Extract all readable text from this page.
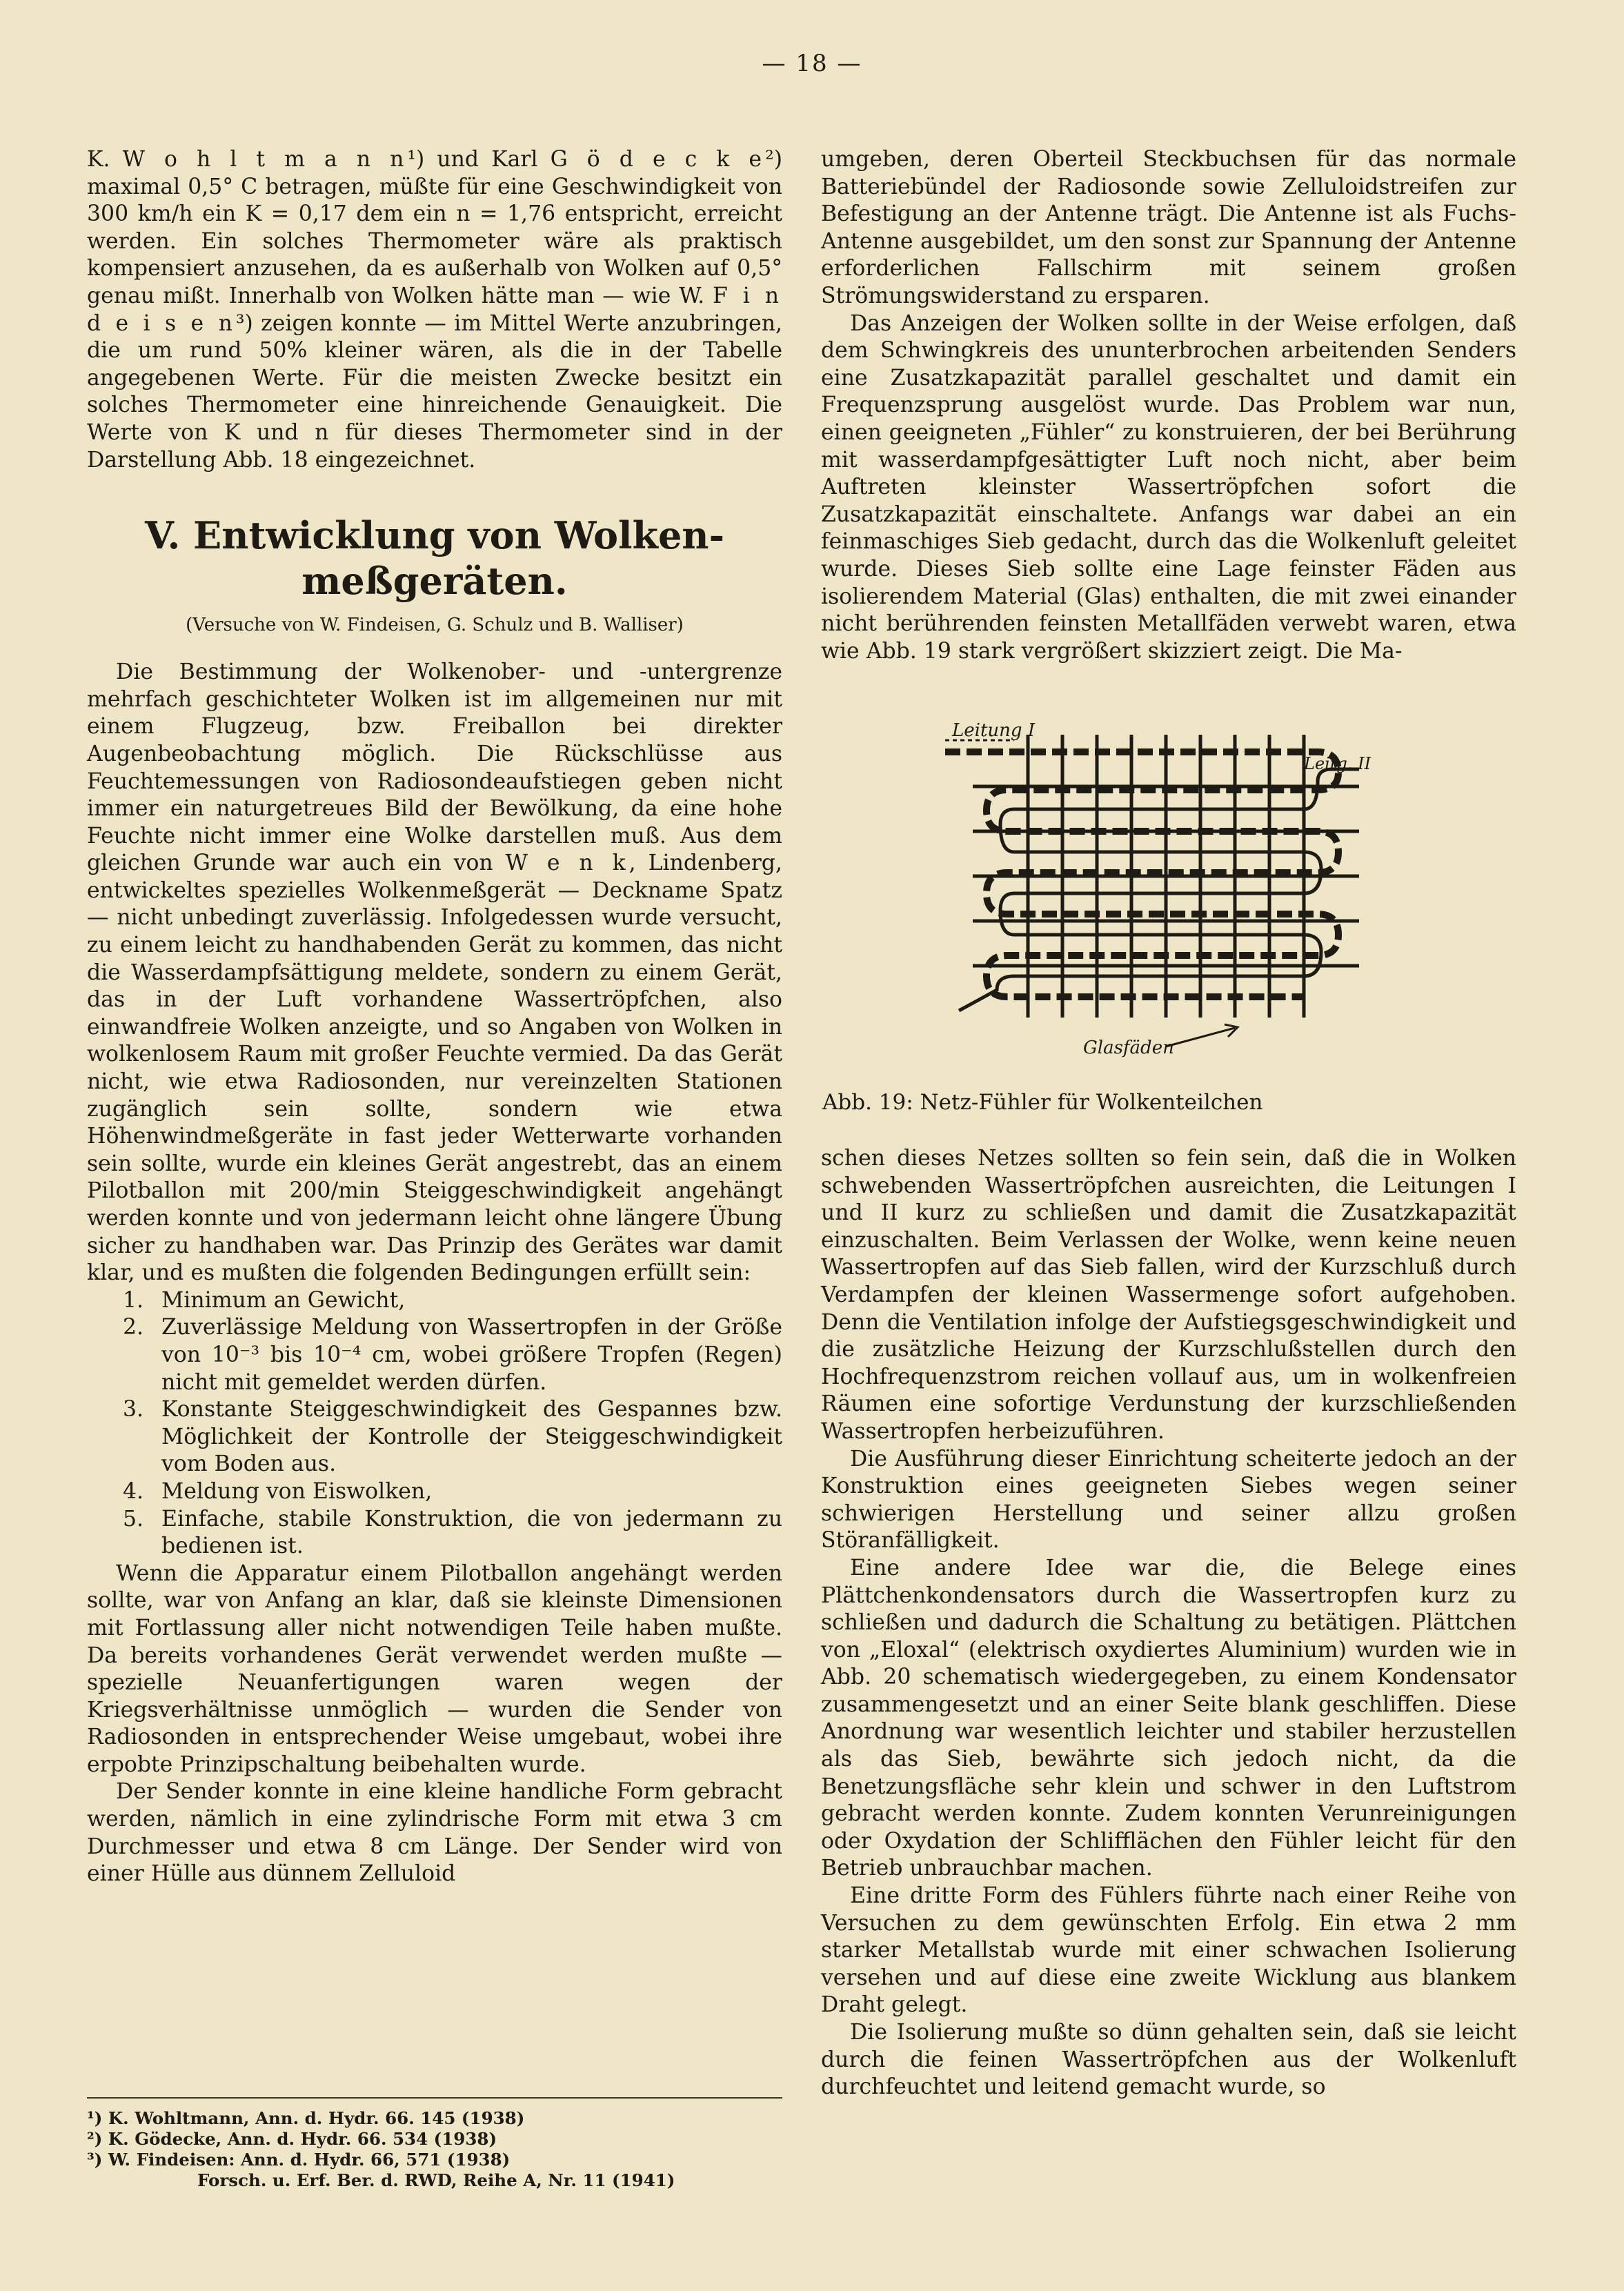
— 18 —

K. W o h l t m a n n¹) und Karl G ö d e c k e²) maximal 0,5° C betragen, müßte für eine Geschwindigkeit von 300 km/h ein K = 0,17 dem ein n = 1,76 entspricht, erreicht werden. Ein solches Thermometer wäre als praktisch kompensiert anzusehen, da es außerhalb von Wolken auf 0,5° genau mißt. Innerhalb von Wolken hätte man — wie W. F i n d e i s e n³) zeigen konnte — im Mittel Werte anzubringen, die um rund 50% kleiner wären, als die in der Tabelle angegebenen Werte. Für die meisten Zwecke besitzt ein solches Thermometer eine hinreichende Genauigkeit. Die Werte von K und n für dieses Thermometer sind in der Darstellung Abb. 18 eingezeichnet.

V. Entwicklung von Wolken-
meßgeräten.
(Versuche von W. Findeisen, G. Schulz und B. Walliser)

Die Bestimmung der Wolkenober- und -untergrenze mehrfach geschichteter Wolken ist im allgemeinen nur mit einem Flugzeug, bzw. Freiballon bei direkter Augenbeobachtung möglich. Die Rückschlüsse aus Feuchtemessungen von Radiosondeaufstiegen geben nicht immer ein naturgetreues Bild der Bewölkung, da eine hohe Feuchte nicht immer eine Wolke darstellen muß. Aus dem gleichen Grunde war auch ein von W e n k, Lindenberg, entwickeltes spezielles Wolkenmeßgerät — Deckname Spatz — nicht unbedingt zuverlässig. Infolgedessen wurde versucht, zu einem leicht zu handhabenden Gerät zu kommen, das nicht die Wasserdampfsättigung meldete, sondern zu einem Gerät, das in der Luft vorhandene Wassertröpfchen, also einwandfreie Wolken anzeigte, und so Angaben von Wolken in wolkenlosem Raum mit großer Feuchte vermied. Da das Gerät nicht, wie etwa Radiosonden, nur vereinzelten Stationen zugänglich sein sollte, sondern wie etwa Höhenwindmeßgeräte in fast jeder Wetterwarte vorhanden sein sollte, wurde ein kleines Gerät angestrebt, das an einem Pilotballon mit 200/min Steiggeschwindigkeit angehängt werden konnte und von jedermann leicht ohne längere Übung sicher zu handhaben war. Das Prinzip des Gerätes war damit klar, und es mußten die folgenden Bedingungen erfüllt sein:

1. Minimum an Gewicht,
2. Zuverlässige Meldung von Wassertropfen in der Größe von 10⁻³ bis 10⁻⁴ cm, wobei größere Tropfen (Regen) nicht mit gemeldet werden dürfen.
3. Konstante Steiggeschwindigkeit des Gespannes bzw. Möglichkeit der Kontrolle der Steiggeschwindigkeit vom Boden aus.
4. Meldung von Eiswolken,
5. Einfache, stabile Konstruktion, die von jedermann zu bedienen ist.

Wenn die Apparatur einem Pilotballon angehängt werden sollte, war von Anfang an klar, daß sie kleinste Dimensionen mit Fortlassung aller nicht notwendigen Teile haben mußte. Da bereits vorhandenes Gerät verwendet werden mußte — spezielle Neuanfertigungen waren wegen der Kriegsverhältnisse unmöglich — wurden die Sender von Radiosonden in entsprechender Weise umgebaut, wobei ihre erpobte Prinzipschaltung beibehalten wurde.

Der Sender konnte in eine kleine handliche Form gebracht werden, nämlich in eine zylindrische Form mit etwa 3 cm Durchmesser und etwa 8 cm Länge. Der Sender wird von einer Hülle aus dünnem Zelluloid

¹) K. Wohltmann, Ann. d. Hydr. 66. 145 (1938)
²) K. Gödecke, Ann. d. Hydr. 66. 534 (1938)
³) W. Findeisen: Ann. d. Hydr. 66, 571 (1938)
Forsch. u. Erf. Ber. d. RWD, Reihe A, Nr. 11 (1941)

umgeben, deren Oberteil Steckbuchsen für das normale Batteriebündel der Radiosonde sowie Zelluloidstreifen zur Befestigung an der Antenne trägt. Die Antenne ist als Fuchs-Antenne ausgebildet, um den sonst zur Spannung der Antenne erforderlichen Fallschirm mit seinem großen Strömungswiderstand zu ersparen.

Das Anzeigen der Wolken sollte in der Weise erfolgen, daß dem Schwingkreis des ununterbrochen arbeitenden Senders eine Zusatzkapazität parallel geschaltet und damit ein Frequenzsprung ausgelöst wurde. Das Problem war nun, einen geeigneten „Fühler“ zu konstruieren, der bei Berührung mit wasserdampfgesättigter Luft noch nicht, aber beim Auftreten kleinster Wassertröpfchen sofort die Zusatzkapazität einschaltete. Anfangs war dabei an ein feinmaschiges Sieb gedacht, durch das die Wolkenluft geleitet wurde. Dieses Sieb sollte eine Lage feinster Fäden aus isolierendem Material (Glas) enthalten, die mit zwei einander nicht berührenden feinsten Metallfäden verwebt waren, etwa wie Abb. 19 stark vergrößert skizziert zeigt. Die Ma-

Leitung I
Leitg. II
Glasfäden
Abb. 19: Netz-Fühler für Wolkenteilchen

schen dieses Netzes sollten so fein sein, daß die in Wolken schwebenden Wassertröpfchen ausreichten, die Leitungen I und II kurz zu schließen und damit die Zusatzkapazität einzuschalten. Beim Verlassen der Wolke, wenn keine neuen Wassertropfen auf das Sieb fallen, wird der Kurzschluß durch Verdampfen der kleinen Wassermenge sofort aufgehoben. Denn die Ventilation infolge der Aufstiegsgeschwindigkeit und die zusätzliche Heizung der Kurzschlußstellen durch den Hochfrequenzstrom reichen vollauf aus, um in wolkenfreien Räumen eine sofortige Verdunstung der kurzschließenden Wassertropfen herbeizuführen.

Die Ausführung dieser Einrichtung scheiterte jedoch an der Konstruktion eines geeigneten Siebes wegen seiner schwierigen Herstellung und seiner allzu großen Störanfälligkeit.

Eine andere Idee war die, die Belege eines Plättchenkondensators durch die Wassertropfen kurz zu schließen und dadurch die Schaltung zu betätigen. Plättchen von „Eloxal“ (elektrisch oxydiertes Aluminium) wurden wie in Abb. 20 schematisch wiedergegeben, zu einem Kondensator zusammengesetzt und an einer Seite blank geschliffen. Diese Anordnung war wesentlich leichter und stabiler herzustellen als das Sieb, bewährte sich jedoch nicht, da die Benetzungsfläche sehr klein und schwer in den Luftstrom gebracht werden konnte. Zudem konnten Verunreinigungen oder Oxydation der Schlifflächen den Fühler leicht für den Betrieb unbrauchbar machen.

Eine dritte Form des Fühlers führte nach einer Reihe von Versuchen zu dem gewünschten Erfolg. Ein etwa 2 mm starker Metallstab wurde mit einer schwachen Isolierung versehen und auf diese eine zweite Wicklung aus blankem Draht gelegt.

Die Isolierung mußte so dünn gehalten sein, daß sie leicht durch die feinen Wassertröpfchen aus der Wolkenluft durchfeuchtet und leitend gemacht wurde, so
